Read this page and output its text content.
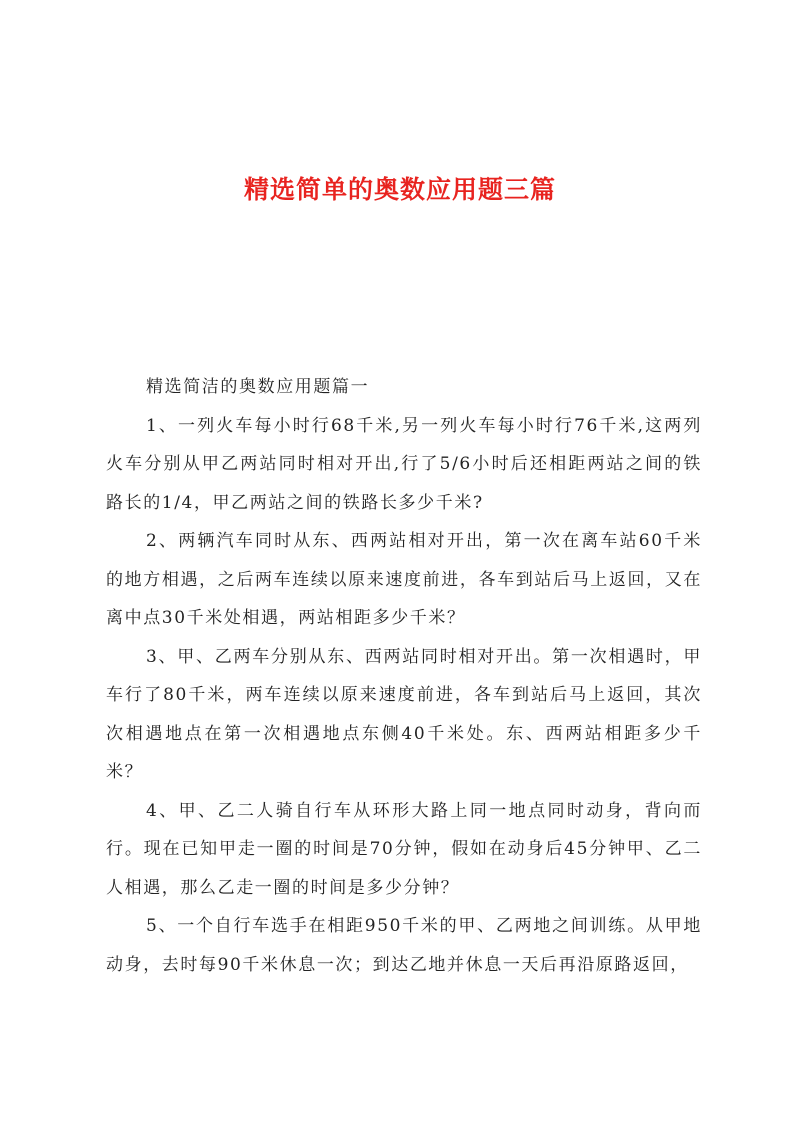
精选简单的奥数应用题三篇

精选简洁的奥数应用题篇一

1、一列火车每小时行68千米,另一列火车每小时行76千米,这两列火车分别从甲乙两站同时相对开出,行了5/6小时后还相距两站之间的铁路长的1/4，甲乙两站之间的铁路长多少千米?

2、两辆汽车同时从东、西两站相对开出，第一次在离车站60千米的地方相遇，之后两车连续以原来速度前进，各车到站后马上返回，又在离中点30千米处相遇，两站相距多少千米？

3、甲、乙两车分别从东、西两站同时相对开出。第一次相遇时，甲车行了80千米，两车连续以原来速度前进，各车到站后马上返回，其次次相遇地点在第一次相遇地点东侧40千米处。东、西两站相距多少千米？

4、甲、乙二人骑自行车从环形大路上同一地点同时动身，背向而行。现在已知甲走一圈的时间是70分钟，假如在动身后45分钟甲、乙二人相遇，那么乙走一圈的时间是多少分钟？

5、一个自行车选手在相距950千米的甲、乙两地之间训练。从甲地动身，去时每90千米休息一次；到达乙地并休息一天后再沿原路返回，
